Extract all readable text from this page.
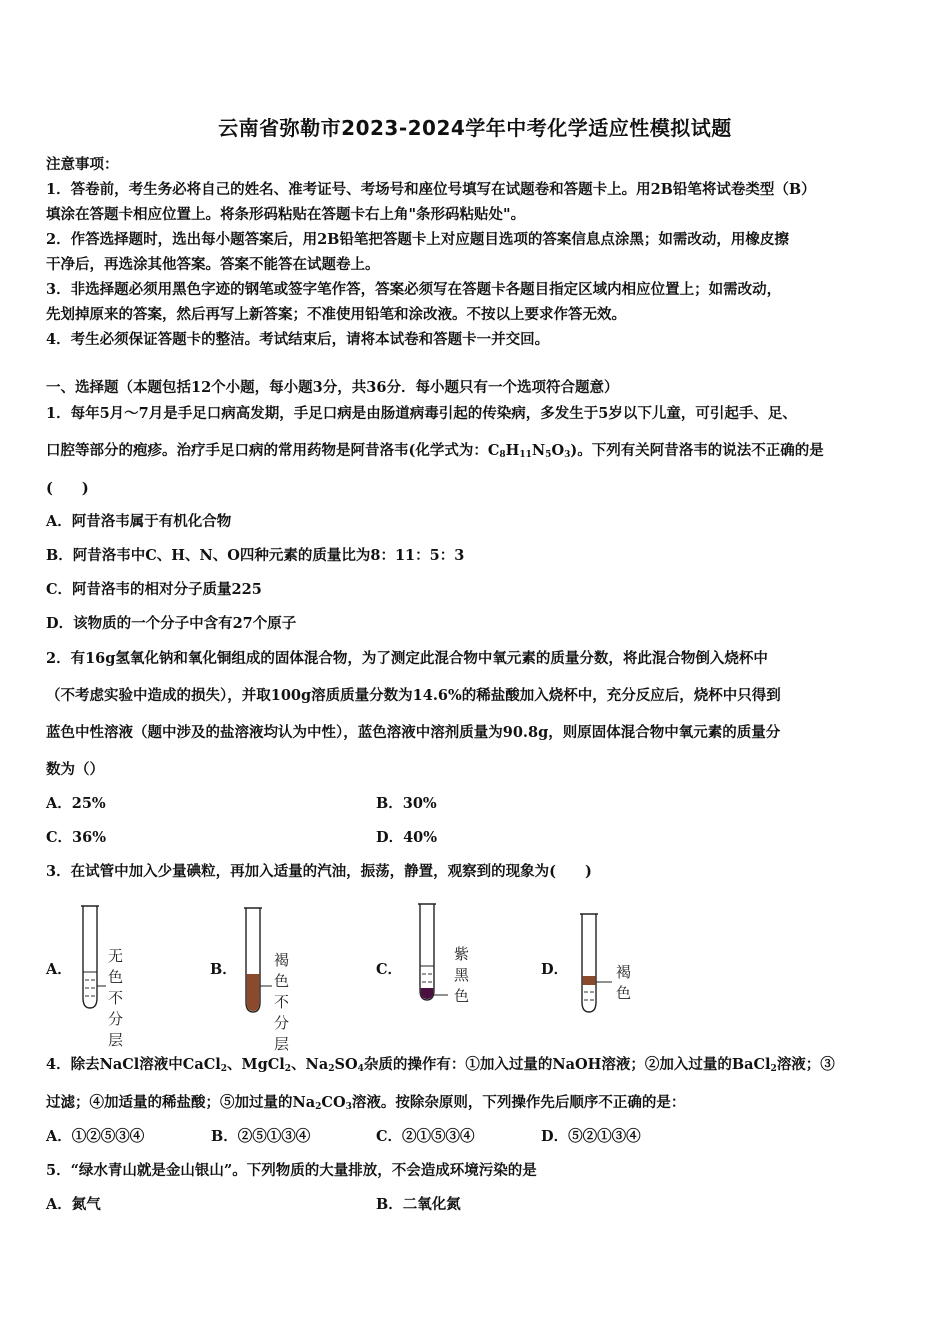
云南省弥勒市2023-2024学年中考化学适应性模拟试题
注意事项：
1．答卷前，考生务必将自己的姓名、准考证号、考场号和座位号填写在试题卷和答题卡上。用2B铅笔将试卷类型（B）
填涂在答题卡相应位置上。将条形码粘贴在答题卡右上角"条形码粘贴处"。
2．作答选择题时，选出每小题答案后，用2B铅笔把答题卡上对应题目选项的答案信息点涂黑；如需改动，用橡皮擦
干净后，再选涂其他答案。答案不能答在试题卷上。
3．非选择题必须用黑色字迹的钢笔或签字笔作答，答案必须写在答题卡各题目指定区域内相应位置上；如需改动，
先划掉原来的答案，然后再写上新答案；不准使用铅笔和涂改液。不按以上要求作答无效。
4．考生必须保证答题卡的整洁。考试结束后，请将本试卷和答题卡一并交回。
一、选择题（本题包括12个小题，每小题3分，共36分．每小题只有一个选项符合题意）
1．每年5月～7月是手足口病高发期，手足口病是由肠道病毒引起的传染病，多发生于5岁以下儿童，可引起手、足、
口腔等部分的疱疹。治疗手足口病的常用药物是阿昔洛韦(化学式为：$C_8H_{11}N_5O_3$)。下列有关阿昔洛韦的说法不正确的是
(　　)
A．阿昔洛韦属于有机化合物
B．阿昔洛韦中C、H、N、O四种元素的质量比为8：11：5：3
C．阿昔洛韦的相对分子质量225
D．该物质的一个分子中含有27个原子
2．有16g氢氧化钠和氧化铜组成的固体混合物，为了测定此混合物中氧元素的质量分数，将此混合物倒入烧杯中
（不考虑实验中造成的损失），并取100g溶质质量分数为14.6%的稀盐酸加入烧杯中，充分反应后，烧杯中只得到
蓝色中性溶液（题中涉及的盐溶液均认为中性），蓝色溶液中溶剂质量为90.8g，则原固体混合物中氧元素的质量分
数为（）
A．25%	B．30%
C．36%	D．40%
3．在试管中加入少量碘粒，再加入适量的汽油，振荡，静置，观察到的现象为(　　)
A．
无色
不分
层
B．
褐色
不分
层
C．
紫
黑
色
D．	褐
色
4．除去NaCl溶液中CaCl$_2$、MgCl$_2$、$Na_2SO_4$杂质的操作有：①加入过量的NaOH溶液；②加入过量的BaCl$_2$溶液；③
过滤；④加适量的稀盐酸；⑤加过量的$Na_2CO_3$溶液。按除杂原则，下列操作先后顺序不正确的是：
A．①②⑤③④	B．②⑤①③④	C．②①⑤③④	D．⑤②①③④
5．“绿水青山就是金山银山”。下列物质的大量排放，不会造成环境污染的是
A．氮气	B．二氧化氮
